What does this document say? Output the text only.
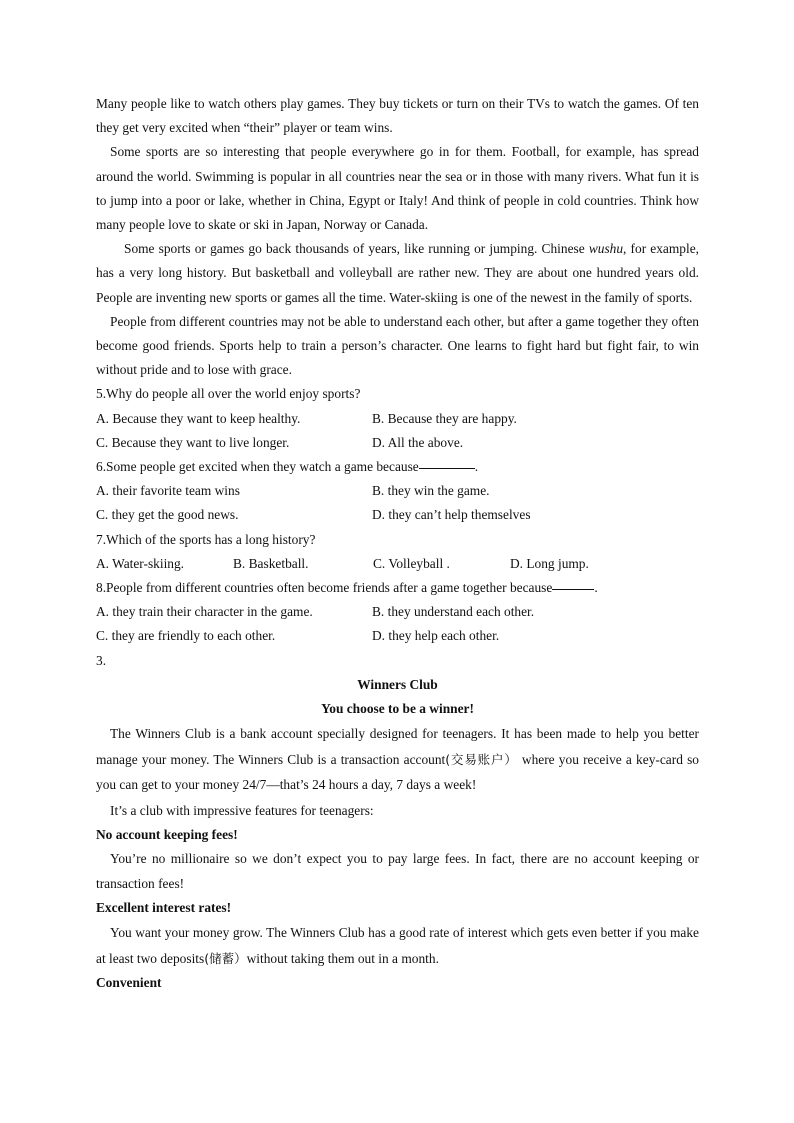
Many people like to watch others play games. They buy tickets or turn on their TVs to watch the games. Of ten they get very excited when “their” player or team wins.

Some sports are so interesting that people everywhere go in for them. Football, for example, has spread around the world. Swimming is popular in all countries near the sea or in those with many rivers. What fun it is to jump into a poor or lake, whether in China, Egypt or Italy! And think of people in cold countries. Think how many people love to skate or ski in Japan, Norway or Canada.

Some sports or games go back thousands of years, like running or jumping. Chinese wushu, for example, has a very long history. But basketball and volleyball are rather new. They are about one hundred years old. People are inventing new sports or games all the time. Water-skiing is one of the newest in the family of sports.

People from different countries may not be able to understand each other, but after a game together they often become good friends. Sports help to train a person’s character. One learns to fight hard but fight fair, to win without pride and to lose with grace.

5.Why do people all over the world enjoy sports?
A. Because they want to keep healthy.	B. Because they are happy.
C. Because they want to live longer.	D. All the above.
6.Some people get excited when they watch a game because	.
A. their favorite team wins	B. they win the game.
C. they get the good news.	D. they can’t help themselves
7.Which of the sports has a long history?
A. Water-skiing.	B. Basketball.	C. Volleyball .	D. Long jump.
8.People from different countries often become friends after a game together because	.
A. they train their character in the game.	B. they understand each other.
C. they are friendly to each other.	D. they help each other.
3.
Winners Club
You choose to be a winner!

The Winners Club is a bank account specially designed for teenagers. It has been made to help you better manage your money. The Winners Club is a transaction account(交易账户） where you receive a key-card so you can get to your money 24/7—that’s 24 hours a day, 7 days a week!

It’s a club with impressive features for teenagers:

No account keeping fees!

You’re no millionaire so we don’t expect you to pay large fees. In fact, there are no account keeping or transaction fees!

Excellent interest rates!

You want your money grow. The Winners Club has a good rate of interest which gets even better if you make at least two deposits(储蓄）without taking them out in a month.

Convenient
